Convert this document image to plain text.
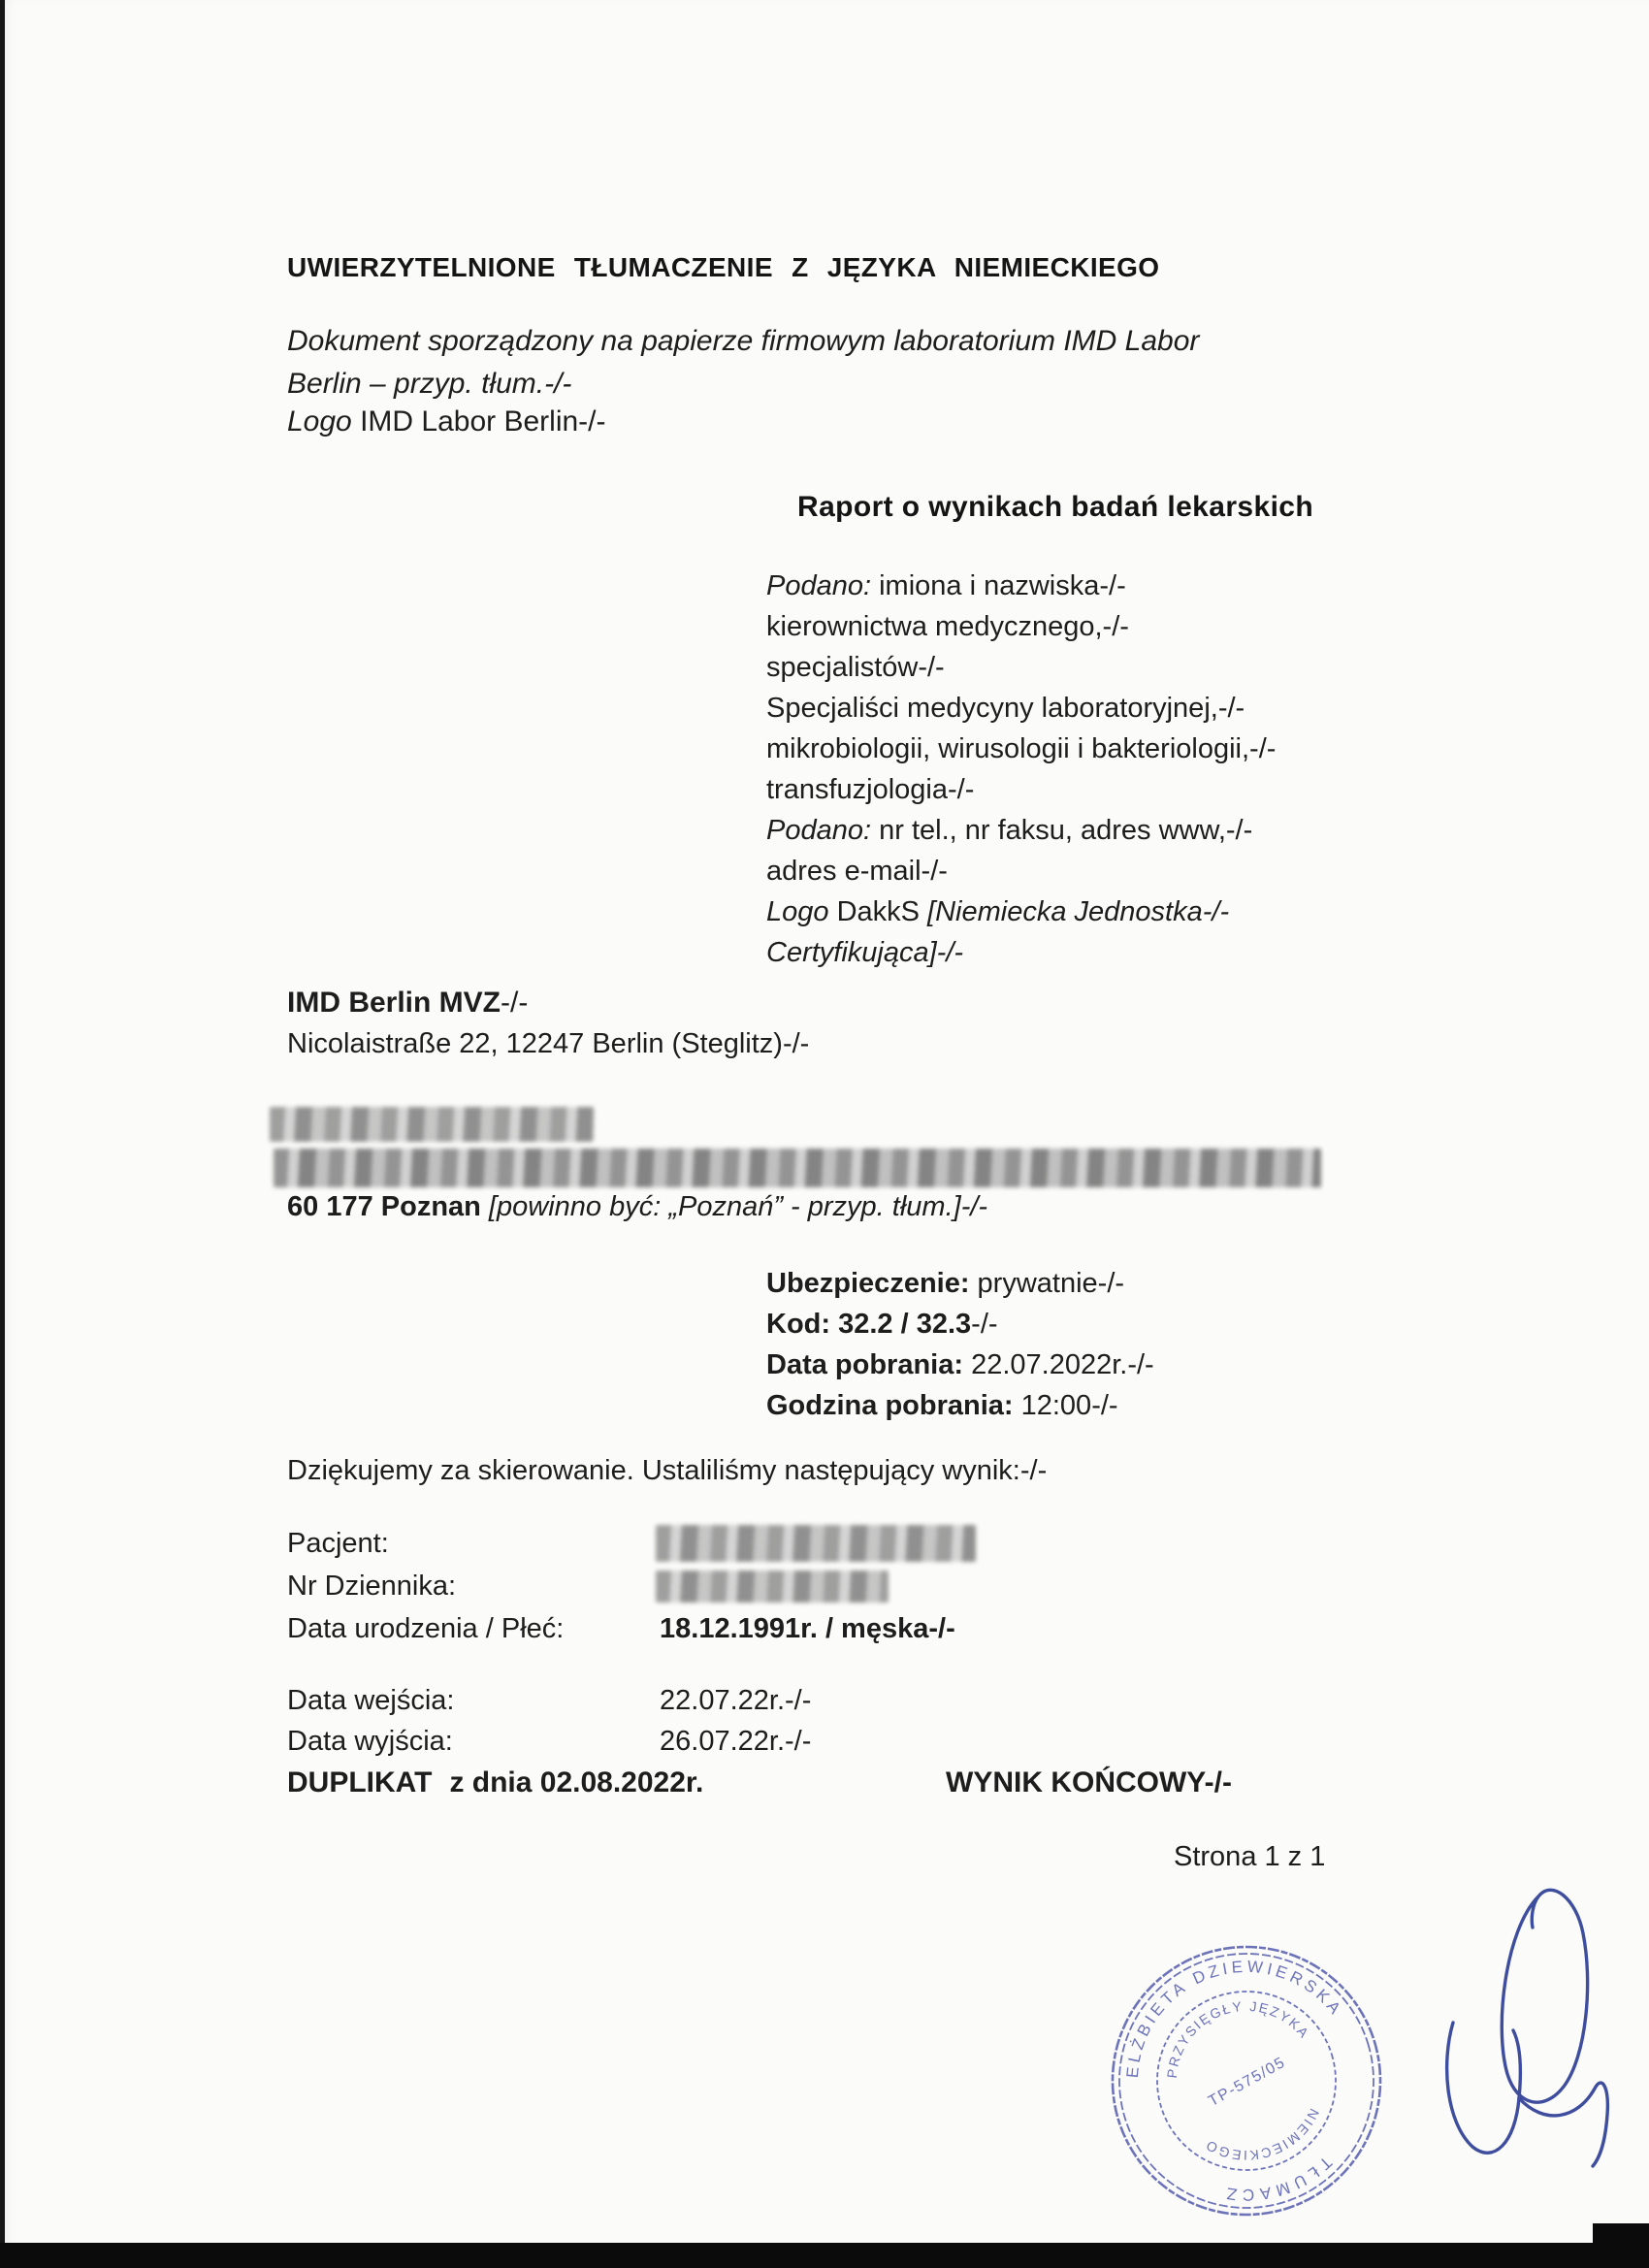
UWIERZYTELNIONE TŁUMACZENIE Z JĘZYKA NIEMIECKIEGO
Dokument sporządzony na papierze firmowym laboratorium IMD Labor
Berlin – przyp. tłum.-/-
Logo IMD Labor Berlin-/-
Raport o wynikach badań lekarskich
Podano: imiona i nazwiska-/-
kierownictwa medycznego,-/-
specjalistów-/-
Specjaliści medycyny laboratoryjnej,-/-
mikrobiologii, wirusologii i bakteriologii,-/-
transfuzjologia-/-
Podano: nr tel., nr faksu, adres www,-/-
adres e-mail-/-
Logo DakkS [Niemiecka Jednostka-/-
Certyfikująca]-/-
IMD Berlin MVZ-/-
Nicolaistraße 22, 12247 Berlin (Steglitz)-/-
60 177 Poznan [powinno być: „Poznań” - przyp. tłum.]-/-
Ubezpieczenie: prywatnie-/-
Kod: 32.2 / 32.3-/-
Data pobrania: 22.07.2022r.-/-
Godzina pobrania: 12:00-/-
Dziękujemy za skierowanie. Ustaliliśmy następujący wynik:-/-
Pacjent:
Nr Dziennika:
Data urodzenia / Płeć:	18.12.1991r. / męska-/-
Data wejścia:	22.07.22r.-/-
Data wyjścia:	26.07.22r.-/-
DUPLIKAT z dnia 02.08.2022r.	WYNIK KOŃCOWY-/-
Strona 1 z 1
ELŻBIETA DZIEWIERSKA
TŁUMACZ
PRZYSIĘGŁY JĘZYKA
NIEMIECKIEGO
TP-575/05
